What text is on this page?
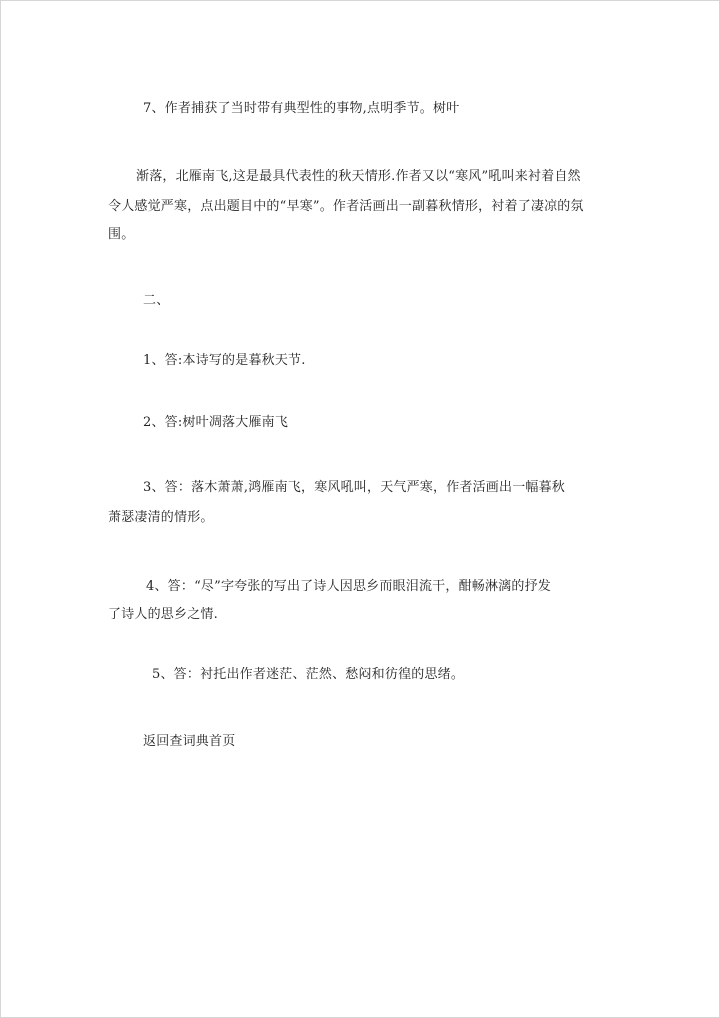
7、作者捕获了当时带有典型性的事物,点明季节。树叶
渐落，北雁南飞,这是最具代表性的秋天情形.作者又以“寒风”吼叫来衬着自然
令人感觉严寒，点出题目中的“早寒”。作者活画出一副暮秋情形，衬着了凄凉的氛
围。
二、
1、答:本诗写的是暮秋天节.
2、答:树叶凋落大雁南飞
3、答：落木萧萧,鸿雁南飞，寒风吼叫，天气严寒，作者活画出一幅暮秋
萧瑟凄清的情形。
4、答：“尽”字夸张的写出了诗人因思乡而眼泪流干，酣畅淋漓的抒发
了诗人的思乡之情.
5、答：衬托出作者迷茫、茫然、愁闷和彷徨的思绪。
返回查词典首页
